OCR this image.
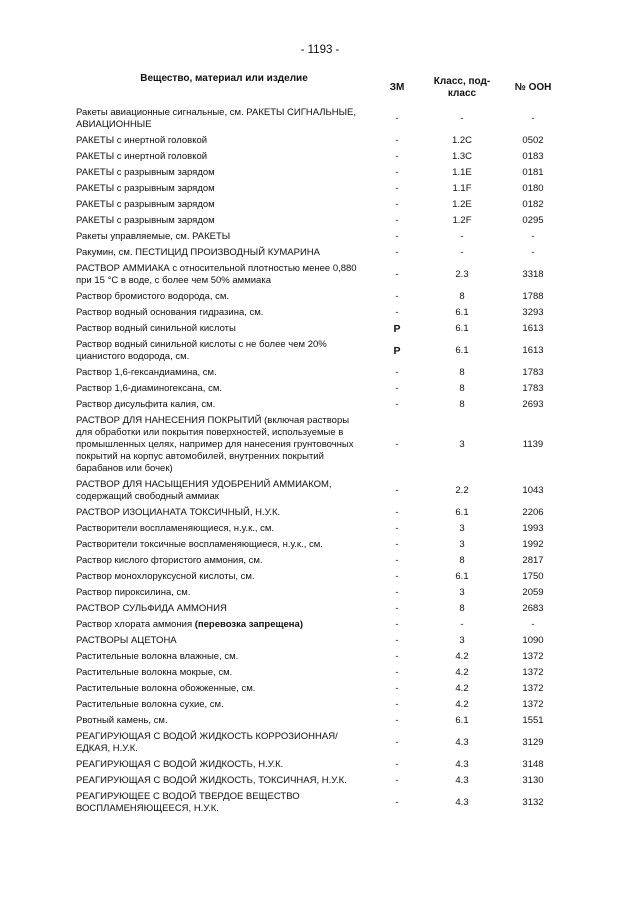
- 1193 -
Вещество, материал или изделие	ЗМ	Класс, под-класс	№ ООН
Ракеты авиационные сигнальные, см. РАКЕТЫ СИГНАЛЬНЫЕ, АВИАЦИОННЫЕ	-	-	-
РАКЕТЫ с инертной головкой	-	1.2C	0502
РАКЕТЫ с инертной головкой	-	1.3C	0183
РАКЕТЫ с разрывным зарядом	-	1.1E	0181
РАКЕТЫ с разрывным зарядом	-	1.1F	0180
РАКЕТЫ с разрывным зарядом	-	1.2E	0182
РАКЕТЫ с разрывным зарядом	-	1.2F	0295
Ракеты управляемые, см. РАКЕТЫ	-	-	-
Ракумин, см. ПЕСТИЦИД ПРОИЗВОДНЫЙ КУМАРИНА	-	-	-
РАСТВОР АММИАКА с относительной плотностью менее 0,880 при 15 °C в воде, с более чем 50% аммиака	-	2.3	3318
Раствор бромистого водорода, см.	-	8	1788
Раствор водный основания гидразина, см.	-	6.1	3293
Раствор водный синильной кислоты	P	6.1	1613
Раствор водный синильной кислоты с не более чем 20% цианистого водорода, см.	P	6.1	1613
Раствор 1,6-гександиамина, см.	-	8	1783
Раствор 1,6-диаминогексана, см.	-	8	1783
Раствор дисульфита калия, см.	-	8	2693
РАСТВОР ДЛЯ НАНЕСЕНИЯ ПОКРЫТИЙ (включая растворы для обработки или покрытия поверхностей, используемые в промышленных целях, например для нанесения грунтовочных покрытий на корпус автомобилей, внутренних покрытий барабанов или бочек)	-	3	1139
РАСТВОР ДЛЯ НАСЫЩЕНИЯ УДОБРЕНИЙ АММИАКОМ, содержащий свободный аммиак	-	2.2	1043
РАСТВОР ИЗОЦИАНАТА ТОКСИЧНЫЙ, Н.У.К.	-	6.1	2206
Растворители воспламеняющиеся, н.у.к., см.	-	3	1993
Растворители токсичные воспламеняющиеся, н.у.к., см.	-	3	1992
Раствор кислого фтористого аммония, см.	-	8	2817
Раствор монохлоруксусной кислоты, см.	-	6.1	1750
Раствор пироксилина, см.	-	3	2059
РАСТВОР СУЛЬФИДА АММОНИЯ	-	8	2683
Раствор хлората аммония (перевозка запрещена)	-	-	-
РАСТВОРЫ АЦЕТОНА	-	3	1090
Растительные волокна влажные, см.	-	4.2	1372
Растительные волокна мокрые, см.	-	4.2	1372
Растительные волокна обожженные, см.	-	4.2	1372
Растительные волокна сухие, см.	-	4.2	1372
Рвотный камень, см.	-	6.1	1551
РЕАГИРУЮЩАЯ С ВОДОЙ ЖИДКОСТЬ КОРРОЗИОННАЯ/ЕДКАЯ, Н.У.К.	-	4.3	3129
РЕАГИРУЮЩАЯ С ВОДОЙ ЖИДКОСТЬ, Н.У.К.	-	4.3	3148
РЕАГИРУЮЩАЯ С ВОДОЙ ЖИДКОСТЬ, ТОКСИЧНАЯ, Н.У.К.	-	4.3	3130
РЕАГИРУЮЩЕЕ С ВОДОЙ ТВЕРДОЕ ВЕЩЕСТВО ВОСПЛАМЕНЯЮЩЕЕСЯ, Н.У.К.	-	4.3	3132
